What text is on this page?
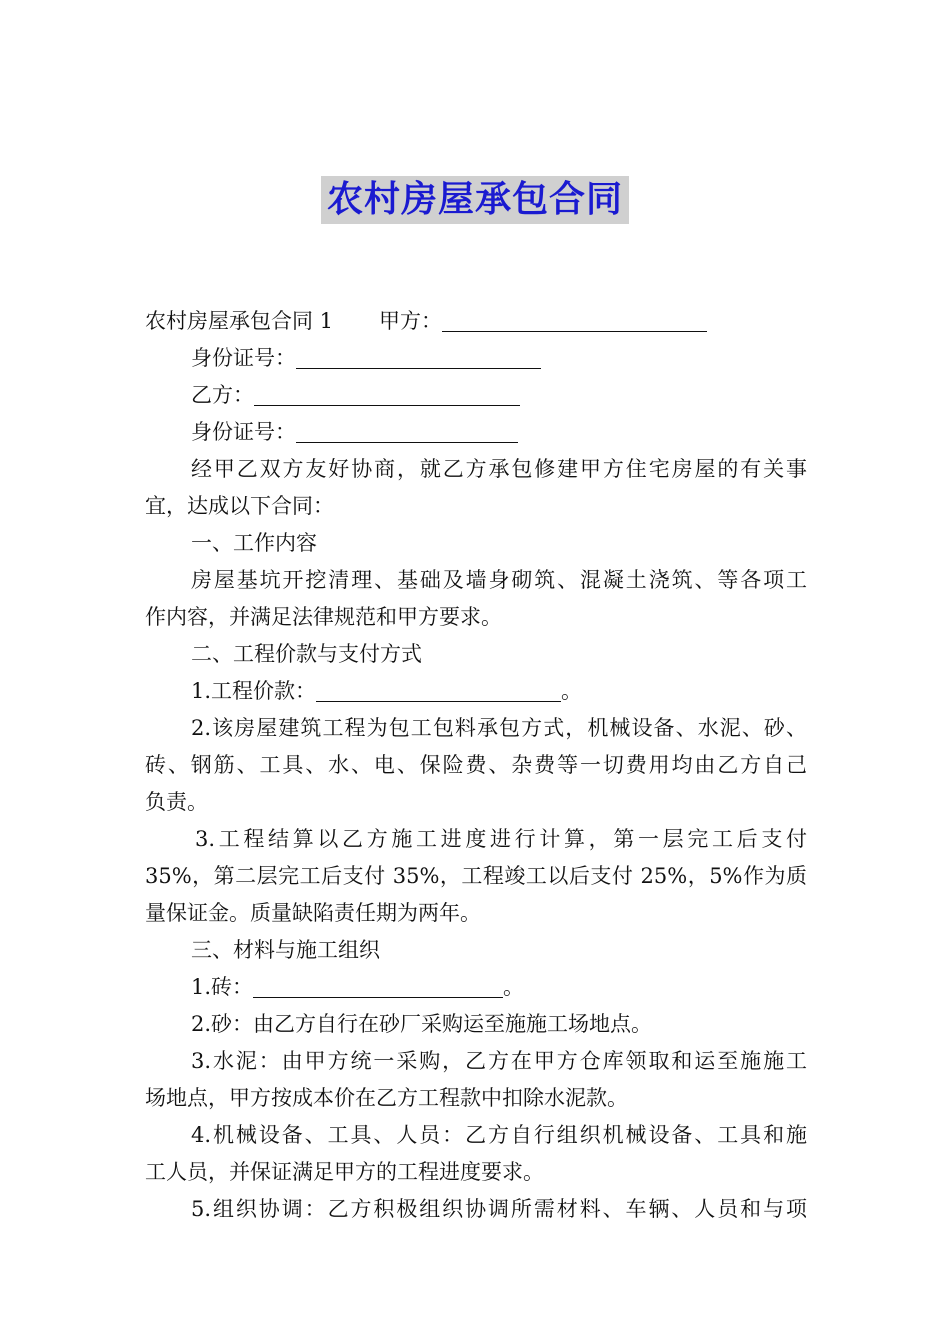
农村房屋承包合同
农村房屋承包合同 1 甲方：
身份证号：
乙方：
身份证号：
经甲乙双方友好协商，就乙方承包修建甲方住宅房屋的有关事
宜，达成以下合同：
一、工作内容
房屋基坑开挖清理、基础及墙身砌筑、混凝土浇筑、等各项工
作内容，并满足法律规范和甲方要求。
二、工程价款与支付方式
1.工程价款：	。
2.该房屋建筑工程为包工包料承包方式，机械设备、水泥、砂、
砖、钢筋、工具、水、电、保险费、杂费等一切费用均由乙方自己
负责。
3.工程结算以乙方施工进度进行计算，第一层完工后支付
35%，第二层完工后支付 35%，工程竣工以后支付 25%，5%作为质
量保证金。质量缺陷责任期为两年。
三、材料与施工组织
1.砖：	。
2.砂：由乙方自行在砂厂采购运至施施工场地点。
3.水泥：由甲方统一采购，乙方在甲方仓库领取和运至施施工
场地点，甲方按成本价在乙方工程款中扣除水泥款。
4.机械设备、工具、人员：乙方自行组织机械设备、工具和施
工人员，并保证满足甲方的工程进度要求。
5.组织协调：乙方积极组织协调所需材料、车辆、人员和与项
